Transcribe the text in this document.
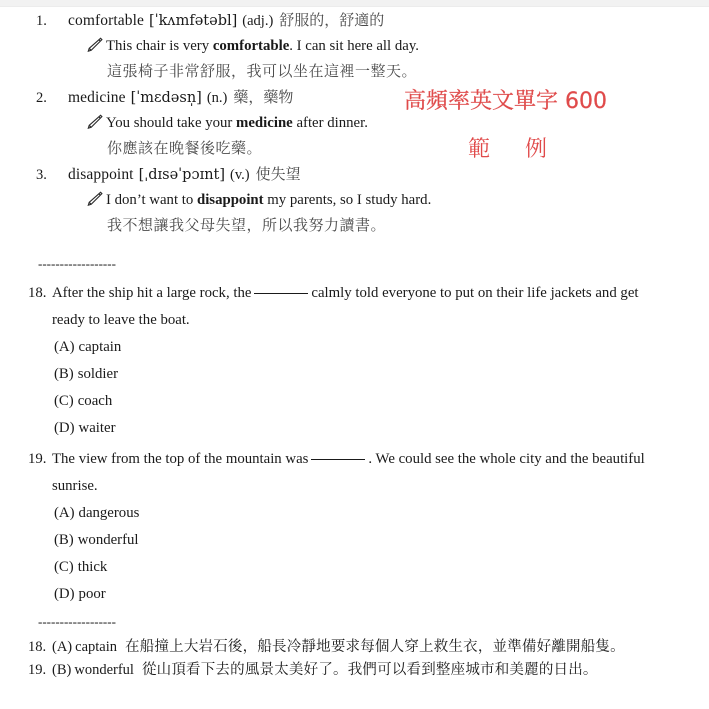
高頻率英文單字 600
範 例
1.	comfortable [ˈkʌmfətəbl] (adj.) 舒服的，舒適的
This chair is very comfortable. I can sit here all day.
這張椅子非常舒服，我可以坐在這裡一整天。
2.	medicine [ˈmɛdəsn̩] (n.) 藥，藥物
You should take your medicine after dinner.
你應該在晚餐後吃藥。
3.	disappoint [ˌdɪsəˈpɔɪnt] (v.) 使失望
I don’t want to disappoint my parents, so I study hard.
我不想讓我父母失望，所以我努力讀書。
------------------
18. After the ship hit a large rock, the	calmly told everyone to put on their life jackets and get ready to leave the boat.
(A) captain
(B) soldier
(C) coach
(D) waiter
19. The view from the top of the mountain was	. We could see the whole city and the beautiful sunrise.
(A) dangerous
(B) wonderful
(C) thick
(D) poor
------------------
18. (A) captain 在船撞上大岩石後，船長冷靜地要求每個人穿上救生衣，並準備好離開船隻。
19. (B) wonderful 從山頂看下去的風景太美好了。我們可以看到整座城市和美麗的日出。
